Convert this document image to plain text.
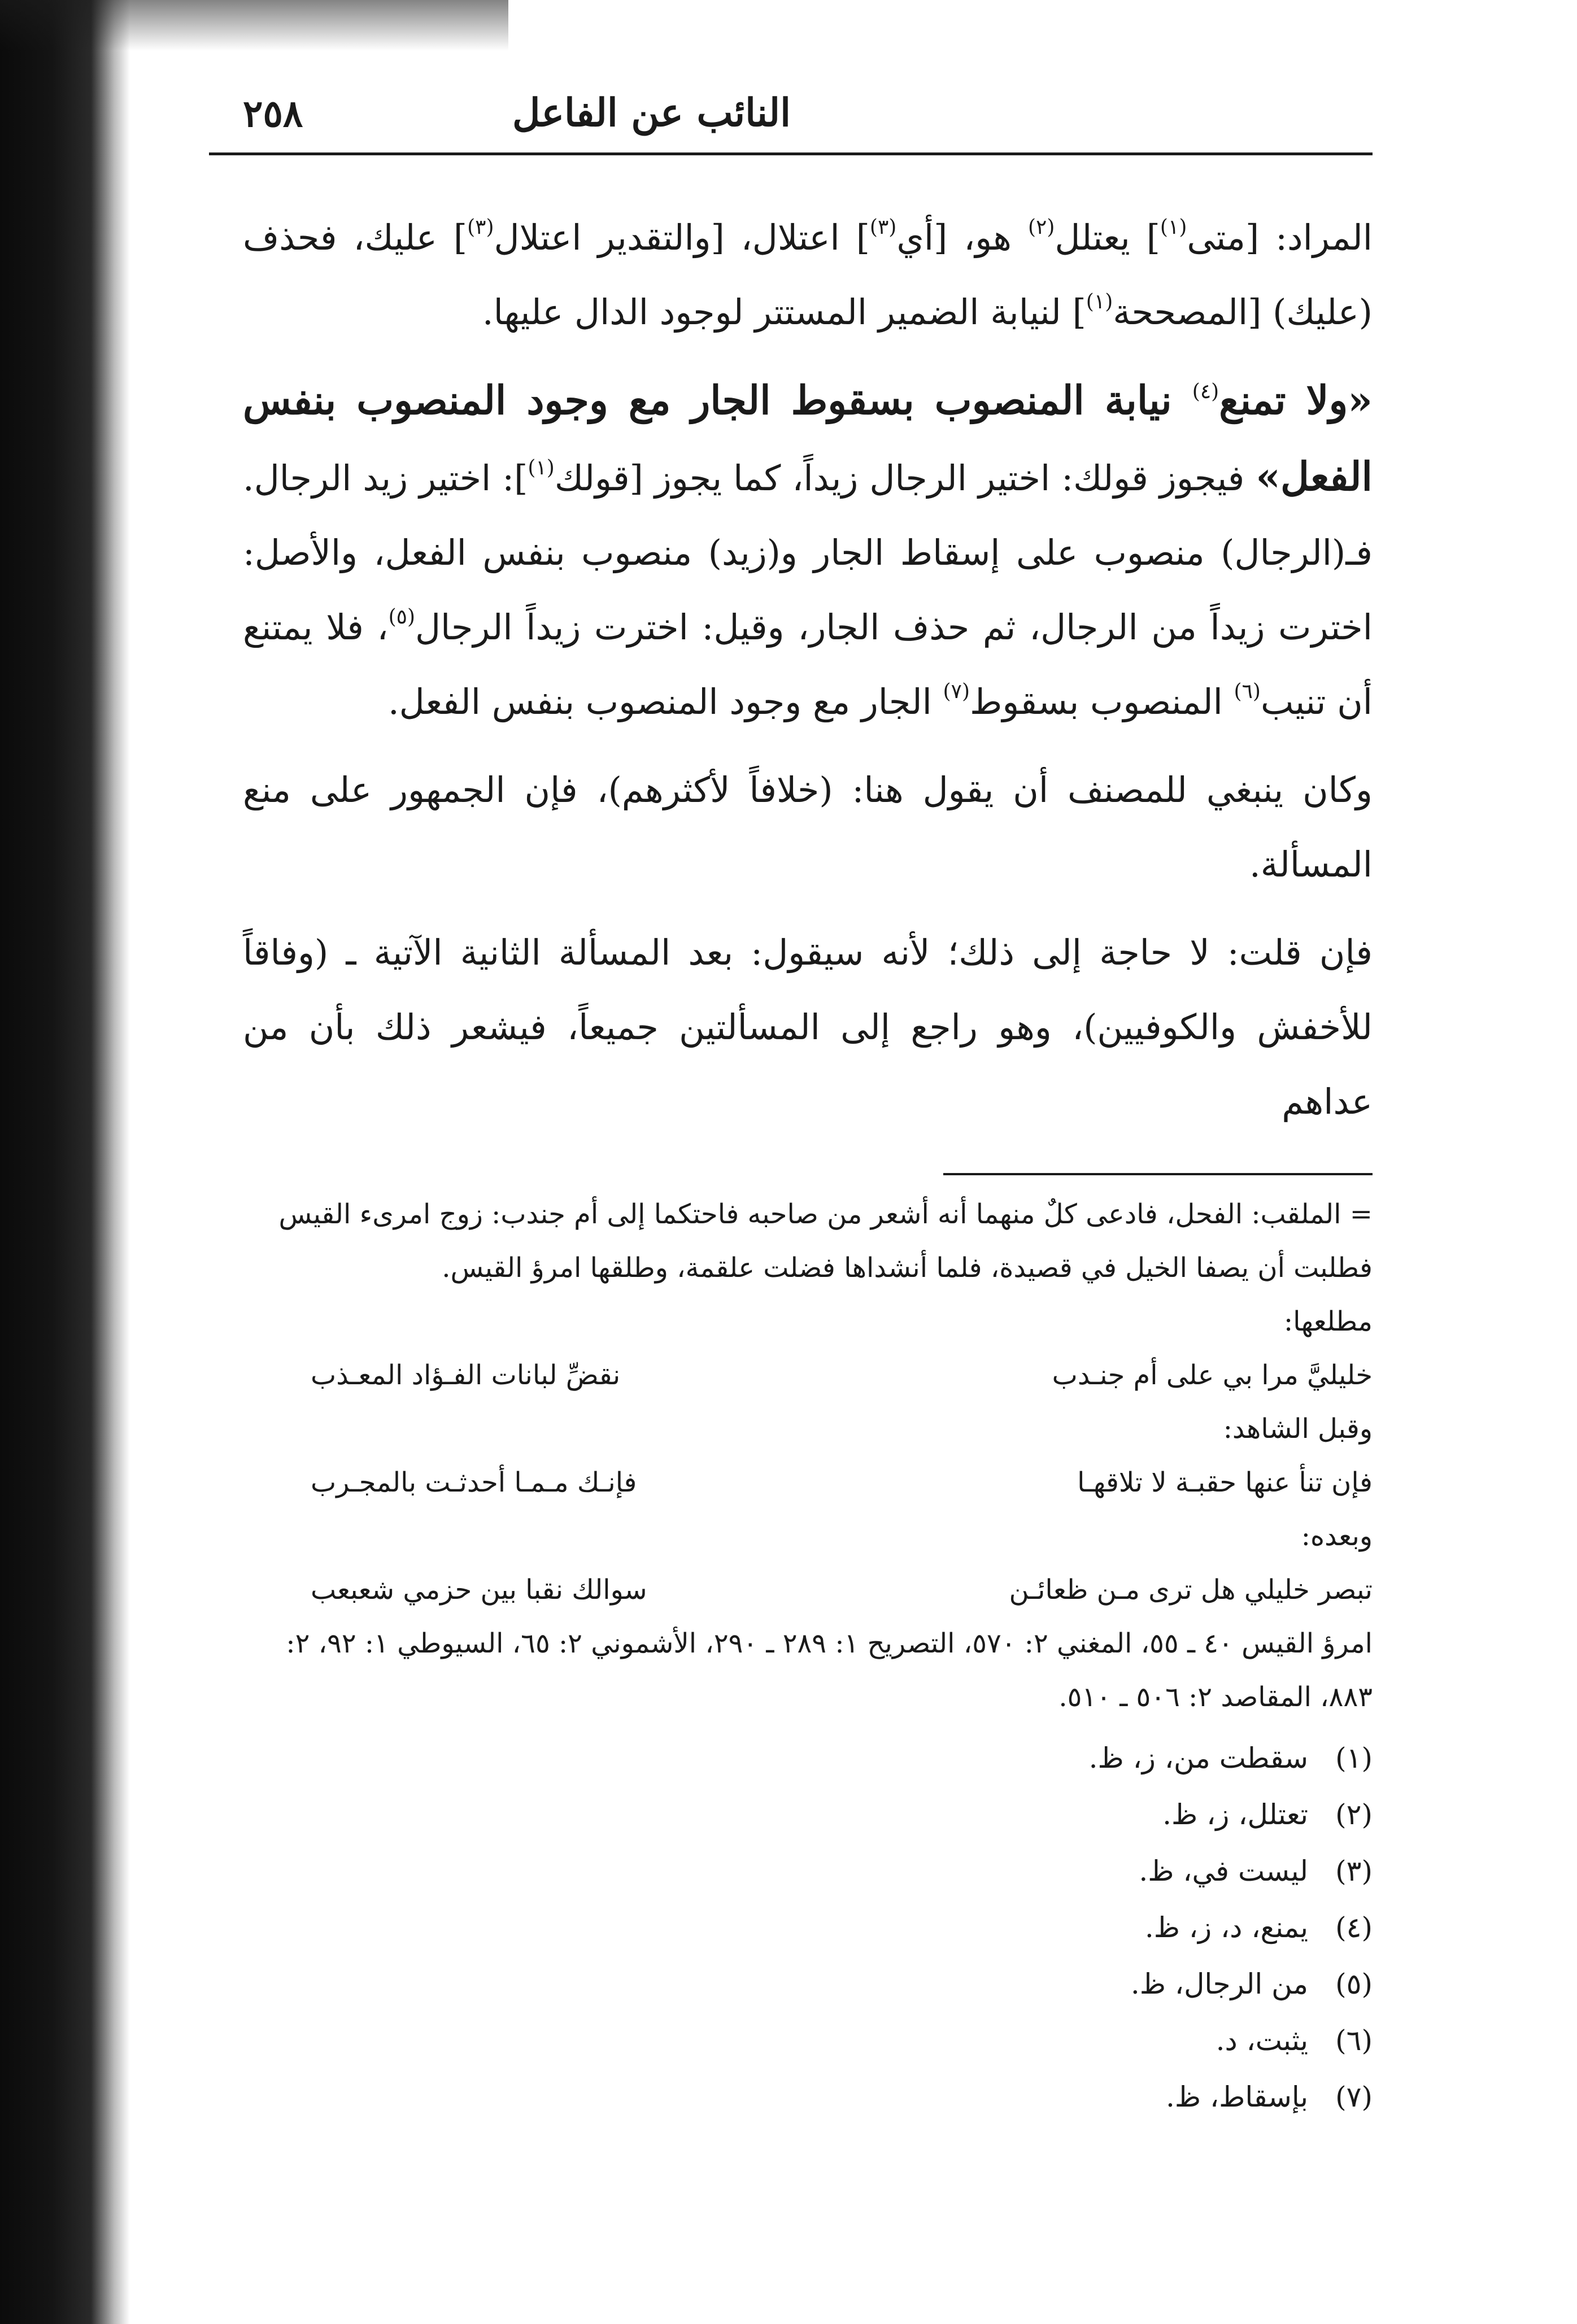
النائب عن الفاعل
٢٥٨

المراد: [متى$^{(١)}$] يعتلل$^{(٢)}$ هو، [أي$^{(٣)}$] اعتلال، [والتقدير اعتلال$^{(٣)}$] عليك، فحذف (عليك) [المصححة$^{(١)}$] لنيابة الضمير المستتر لوجود الدال عليها.

«ولا تمنع$^{(٤)}$ نيابة المنصوب بسقوط الجار مع وجود المنصوب بنفس الفعل» فيجوز قولك: اختير الرجال زيداً، كما يجوز [قولك$^{(١)}$]: اختير زيد الرجال. فـ(الرجال) منصوب على إسقاط الجار و(زيد) منصوب بنفس الفعل، والأصل: اخترت زيداً من الرجال، ثم حذف الجار، وقيل: اخترت زيداً الرجال$^{(٥)}$، فلا يمتنع أن تنيب$^{(٦)}$ المنصوب بسقوط$^{(٧)}$ الجار مع وجود المنصوب بنفس الفعل.

وكان ينبغي للمصنف أن يقول هنا: (خلافاً لأكثرهم)، فإن الجمهور على منع المسألة.

فإن قلت: لا حاجة إلى ذلك؛ لأنه سيقول: بعد المسألة الثانية الآتية ـ (وفاقاً للأخفش والكوفيين)، وهو راجع إلى المسألتين جميعاً، فيشعر ذلك بأن من عداهم

= الملقب: الفحل، فادعى كلٌ منهما أنه أشعر من صاحبه فاحتكما إلى أم جندب: زوج امرىء القيس فطلبت أن يصفا الخيل في قصيدة، فلما أنشداها فضلت علقمة، وطلقها امرؤ القيس.

مطلعها:

خليليَّ مرا بي على أم جنـدب
نقضِّ لبانات الفـؤاد المعـذب

وقبل الشاهد:

فإن تنأ عنها حقبـة لا تلاقهـا
فإنـك مـمـا أحدثـت بالمجـرب

وبعده:

تبصر خليلي هل ترى مـن ظعائـن
سوالك نقبا بين حزمي شعبعب

امرؤ القيس ٤٠ ـ ٥٥، المغني ٢: ٥٧٠، التصريح ١: ٢٨٩ ـ ٢٩٠، الأشموني ٢: ٦٥، السيوطي ١: ٩٢، ٢: ٨٨٣، المقاصد ٢: ٥٠٦ ـ ٥١٠.

(١)
سقطت من، ز، ظ.
(٢)
تعتلل، ز، ظ.
(٣)
ليست في، ظ.
(٤)
يمنع، د، ز، ظ.
(٥)
من الرجال، ظ.
(٦)
يثبت، د.
(٧)
بإسقاط، ظ.
